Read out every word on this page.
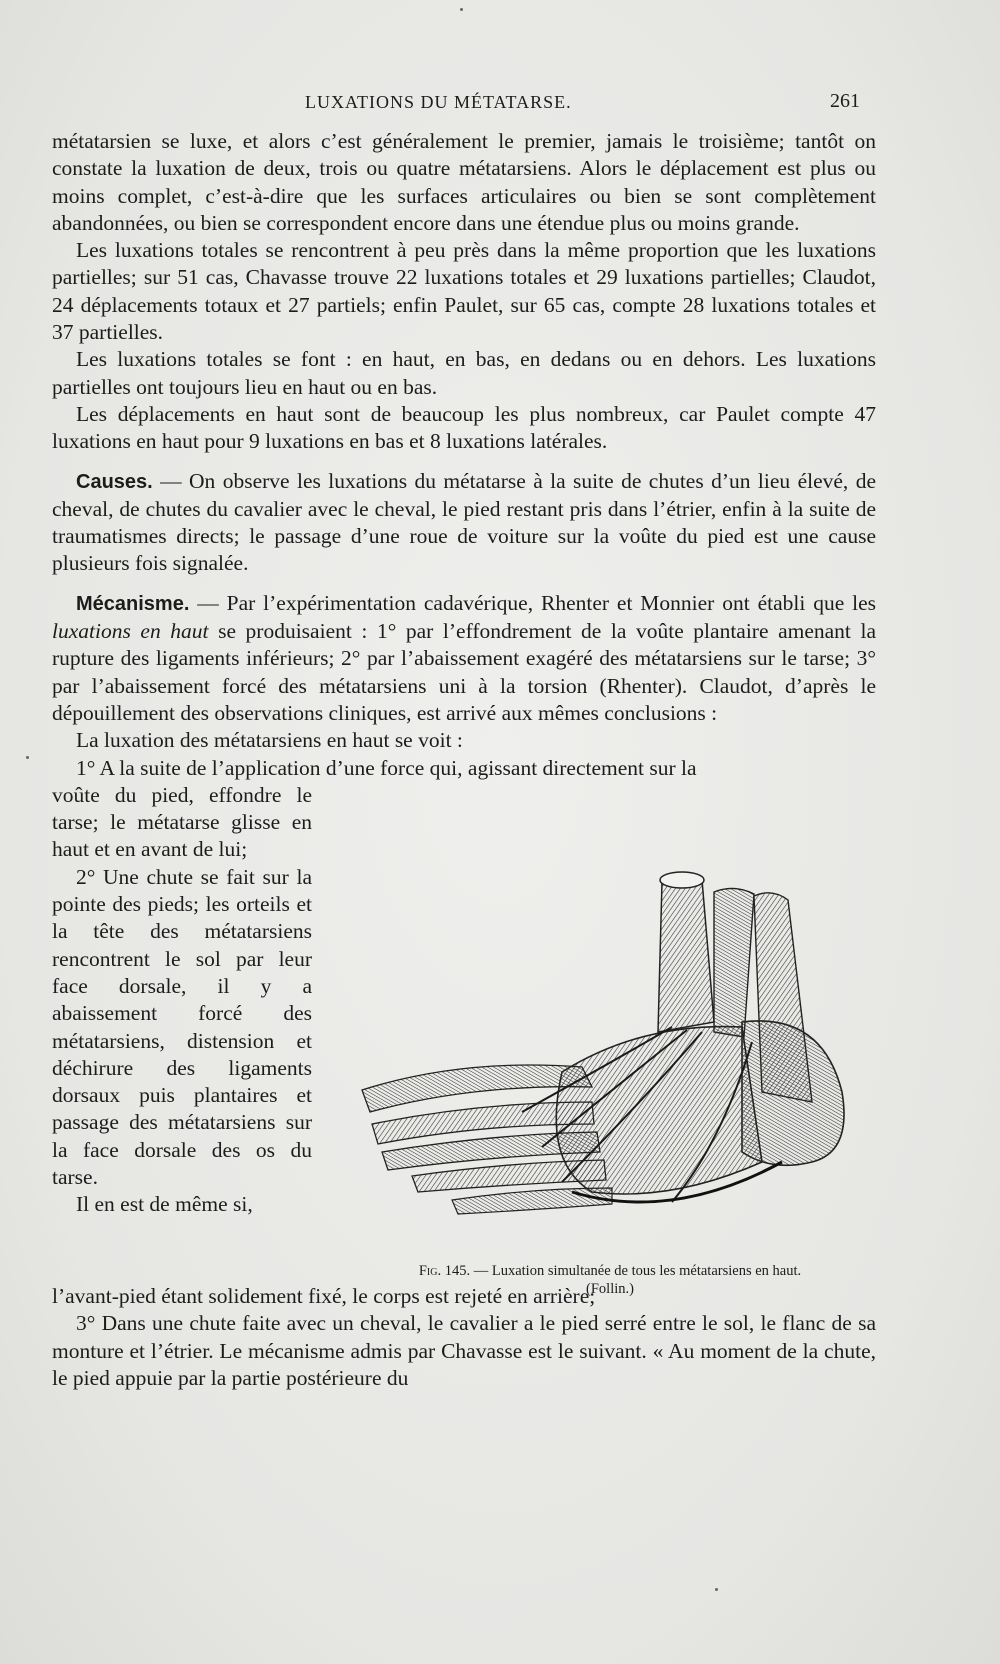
LUXATIONS DU MÉTATARSE.	261

métatarsien se luxe, et alors c’est généralement le premier, jamais le troisième; tantôt on constate la luxation de deux, trois ou quatre métatarsiens. Alors le déplacement est plus ou moins complet, c’est-à-dire que les surfaces articulaires ou bien se sont complètement abandonnées, ou bien se correspondent encore dans une étendue plus ou moins grande.

Les luxations totales se rencontrent à peu près dans la même proportion que les luxations partielles; sur 51 cas, Chavasse trouve 22 luxations totales et 29 luxations partielles; Claudot, 24 déplacements totaux et 27 partiels; enfin Paulet, sur 65 cas, compte 28 luxations totales et 37 partielles.

Les luxations totales se font : en haut, en bas, en dedans ou en dehors. Les luxations partielles ont toujours lieu en haut ou en bas.

Les déplacements en haut sont de beaucoup les plus nombreux, car Paulet compte 47 luxations en haut pour 9 luxations en bas et 8 luxations latérales.

Causes. — On observe les luxations du métatarse à la suite de chutes d’un lieu élevé, de cheval, de chutes du cavalier avec le cheval, le pied restant pris dans l’étrier, enfin à la suite de traumatismes directs; le passage d’une roue de voiture sur la voûte du pied est une cause plusieurs fois signalée.

Mécanisme. — Par l’expérimentation cadavérique, Rhenter et Monnier ont établi que les luxations en haut se produisaient : 1° par l’effondrement de la voûte plantaire amenant la rupture des ligaments inférieurs; 2° par l’abaissement exagéré des métatarsiens sur le tarse; 3° par l’abaissement forcé des métatarsiens uni à la torsion (Rhenter). Claudot, d’après le dépouillement des observations cliniques, est arrivé aux mêmes conclusions :

La luxation des métatarsiens en haut se voit :

1° A la suite de l’application d’une force qui, agissant directement sur la

voûte du pied, effondre le tarse; le métatarse glisse en haut et en avant de lui;

2° Une chute se fait sur la pointe des pieds; les orteils et la tête des métatarsiens rencontrent le sol par leur face dorsale, il y a abaissement forcé des métatarsiens, distension et déchirure des ligaments dorsaux puis plantaires et passage des métatarsiens sur la face dorsale des os du tarse.

Il en est de même si,

Fig. 145. — Luxation simultanée de tous les métatarsiens en haut.
(Follin.)

l’avant-pied étant solidement fixé, le corps est rejeté en arrière;

3° Dans une chute faite avec un cheval, le cavalier a le pied serré entre le sol, le flanc de sa monture et l’étrier. Le mécanisme admis par Chavasse est le suivant. « Au moment de la chute, le pied appuie par la partie postérieure du
